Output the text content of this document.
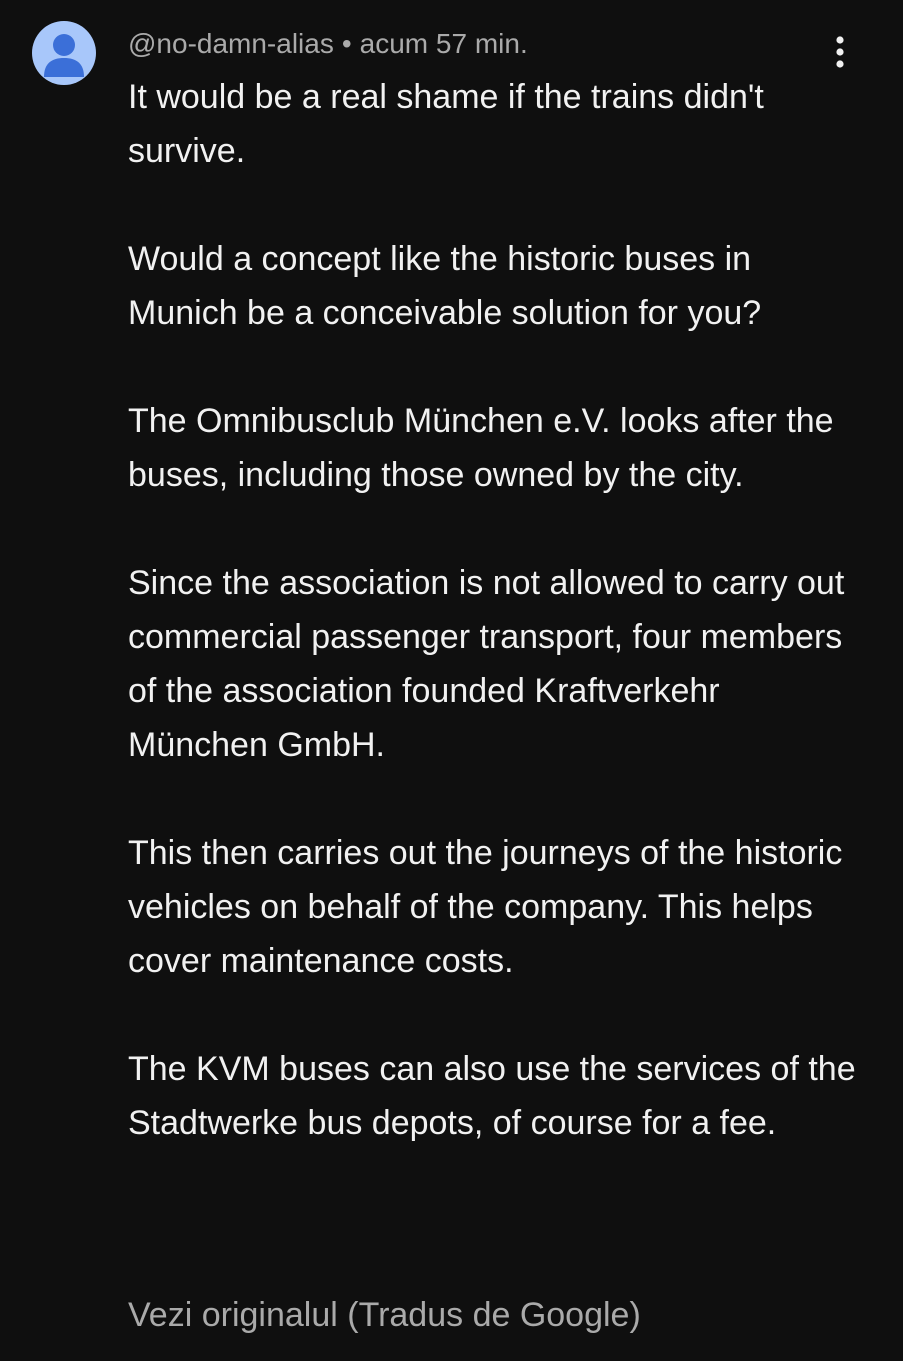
@no-damn-alias • acum 57 min.

It would be a real shame if the trains didn't survive.

Would a concept like the historic buses in Munich be a conceivable solution for you?

The Omnibusclub München e.V. looks after the buses, including those owned by the city.

Since the association is not allowed to carry out commercial passenger transport, four members of the association founded Kraftverkehr München GmbH.

This then carries out the journeys of the historic vehicles on behalf of the company. This helps cover maintenance costs.

The KVM buses can also use the services of the Stadtwerke bus depots, of course for a fee.

Vezi originalul (Tradus de Google)
